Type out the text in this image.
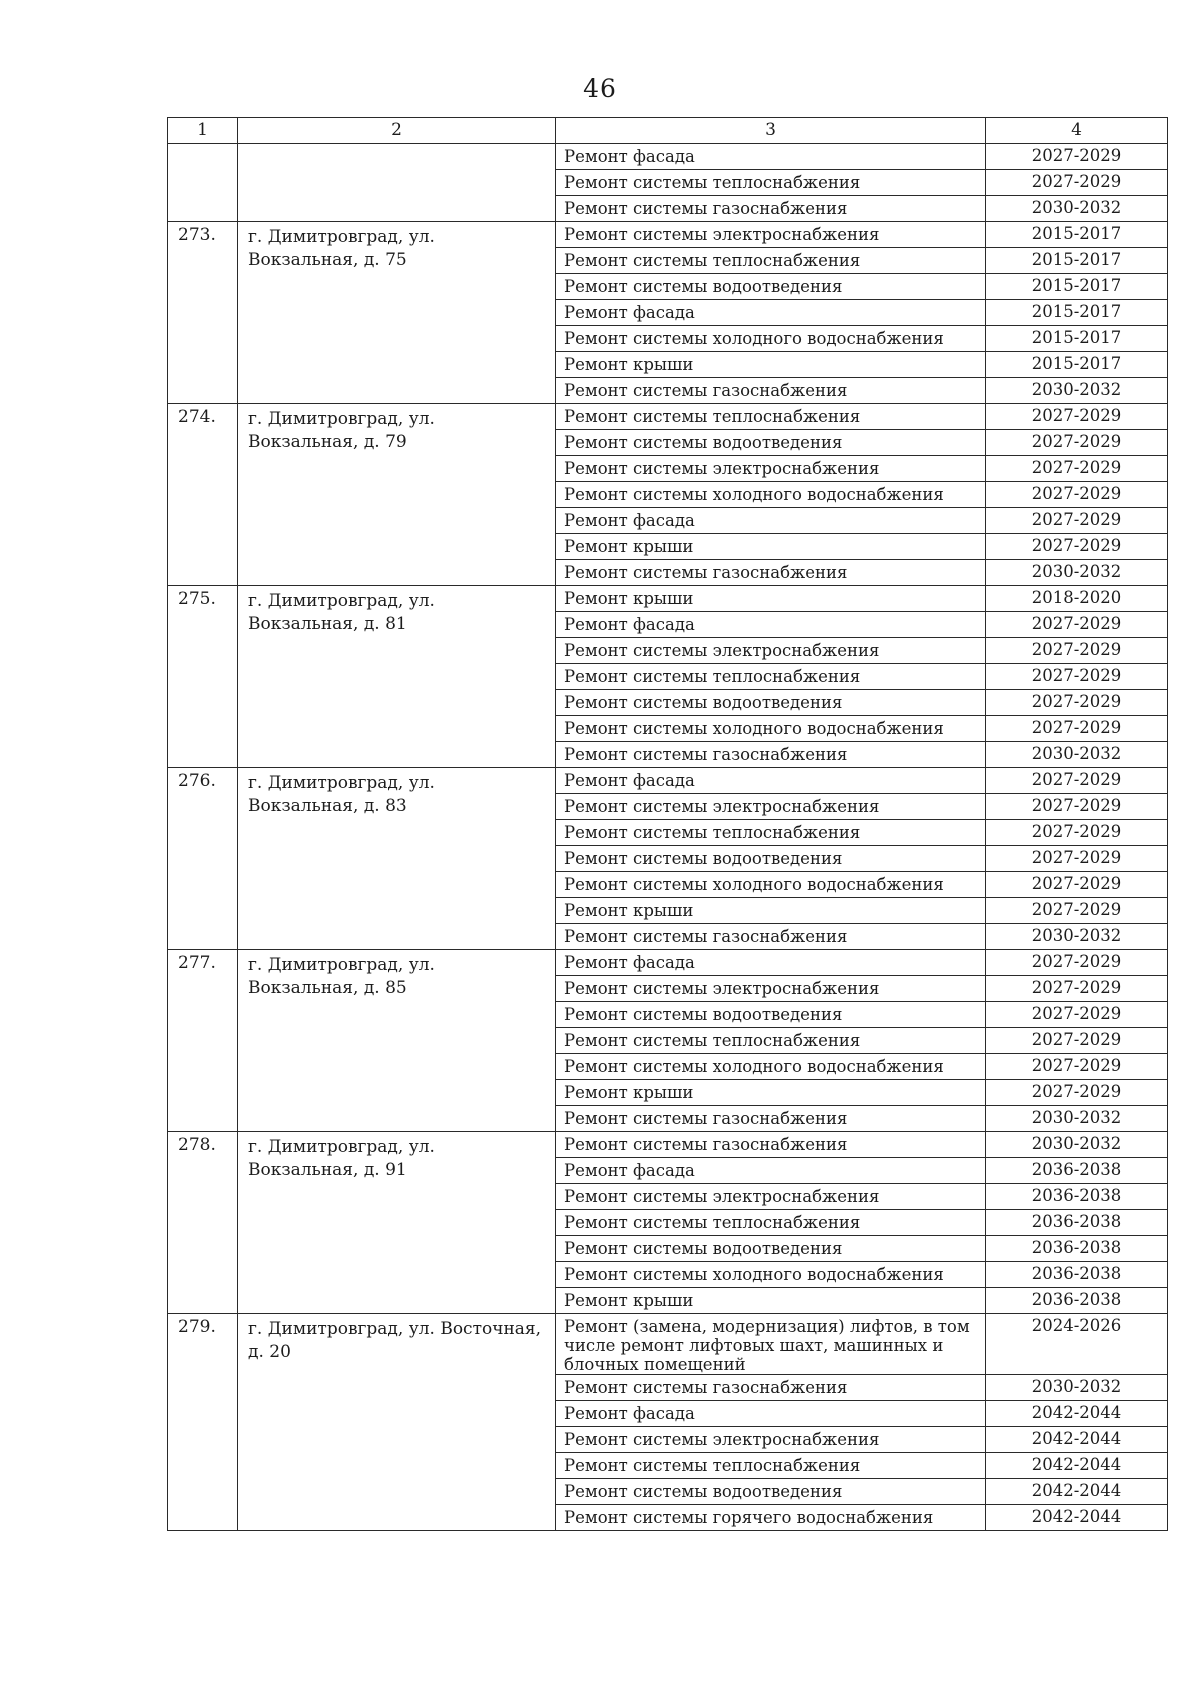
46
1	2	3	4
		Ремонт фасада	2027-2029
		Ремонт системы теплоснабжения	2027-2029
		Ремонт системы газоснабжения	2030-2032
273.	г. Димитровград, ул. Вокзальная, д. 75	Ремонт системы электроснабжения	2015-2017
		Ремонт системы теплоснабжения	2015-2017
		Ремонт системы водоотведения	2015-2017
		Ремонт фасада	2015-2017
		Ремонт системы холодного водоснабжения	2015-2017
		Ремонт крыши	2015-2017
		Ремонт системы газоснабжения	2030-2032
274.	г. Димитровград, ул. Вокзальная, д. 79	Ремонт системы теплоснабжения	2027-2029
		Ремонт системы водоотведения	2027-2029
		Ремонт системы электроснабжения	2027-2029
		Ремонт системы холодного водоснабжения	2027-2029
		Ремонт фасада	2027-2029
		Ремонт крыши	2027-2029
		Ремонт системы газоснабжения	2030-2032
275.	г. Димитровград, ул. Вокзальная, д. 81	Ремонт крыши	2018-2020
		Ремонт фасада	2027-2029
		Ремонт системы электроснабжения	2027-2029
		Ремонт системы теплоснабжения	2027-2029
		Ремонт системы водоотведения	2027-2029
		Ремонт системы холодного водоснабжения	2027-2029
		Ремонт системы газоснабжения	2030-2032
276.	г. Димитровград, ул. Вокзальная, д. 83	Ремонт фасада	2027-2029
		Ремонт системы электроснабжения	2027-2029
		Ремонт системы теплоснабжения	2027-2029
		Ремонт системы водоотведения	2027-2029
		Ремонт системы холодного водоснабжения	2027-2029
		Ремонт крыши	2027-2029
		Ремонт системы газоснабжения	2030-2032
277.	г. Димитровград, ул. Вокзальная, д. 85	Ремонт фасада	2027-2029
		Ремонт системы электроснабжения	2027-2029
		Ремонт системы водоотведения	2027-2029
		Ремонт системы теплоснабжения	2027-2029
		Ремонт системы холодного водоснабжения	2027-2029
		Ремонт крыши	2027-2029
		Ремонт системы газоснабжения	2030-2032
278.	г. Димитровград, ул. Вокзальная, д. 91	Ремонт системы газоснабжения	2030-2032
		Ремонт фасада	2036-2038
		Ремонт системы электроснабжения	2036-2038
		Ремонт системы теплоснабжения	2036-2038
		Ремонт системы водоотведения	2036-2038
		Ремонт системы холодного водоснабжения	2036-2038
		Ремонт крыши	2036-2038
279.	г. Димитровград, ул. Восточная, д. 20	Ремонт (замена, модернизация) лифтов, в том числе ремонт лифтовых шахт, машинных и блочных помещений	2024-2026
		Ремонт системы газоснабжения	2030-2032
		Ремонт фасада	2042-2044
		Ремонт системы электроснабжения	2042-2044
		Ремонт системы теплоснабжения	2042-2044
		Ремонт системы водоотведения	2042-2044
		Ремонт системы горячего водоснабжения	2042-2044
